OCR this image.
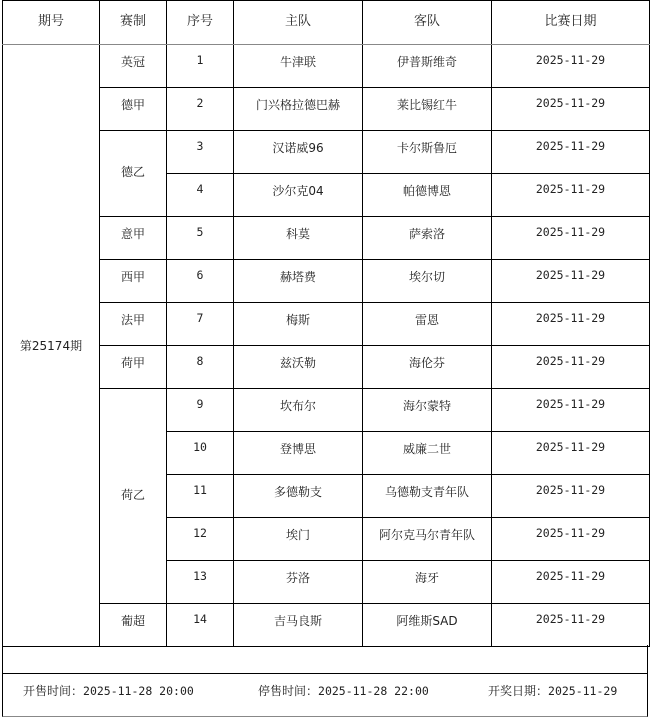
期号	赛制	序号	主队	客队	比赛日期
第25174期	英冠	1	牛津联	伊普斯维奇	2025-11-29
	德甲	2	门兴格拉德巴赫	莱比锡红牛	2025-11-29
	德乙	3	汉诺威96	卡尔斯鲁厄	2025-11-29
		4	沙尔克04	帕德博恩	2025-11-29
	意甲	5	科莫	萨索洛	2025-11-29
	西甲	6	赫塔费	埃尔切	2025-11-29
	法甲	7	梅斯	雷恩	2025-11-29
	荷甲	8	兹沃勒	海伦芬	2025-11-29
	荷乙	9	坎布尔	海尔蒙特	2025-11-29
		10	登博思	威廉二世	2025-11-29
		11	多德勒支	乌德勒支青年队	2025-11-29
		12	埃门	阿尔克马尔青年队	2025-11-29
		13	芬洛	海牙	2025-11-29
	葡超	14	吉马良斯	阿维斯SAD	2025-11-29
开售时间：2025-11-28 20:00	停售时间：2025-11-28 22:00	开奖日期：2025-11-29
